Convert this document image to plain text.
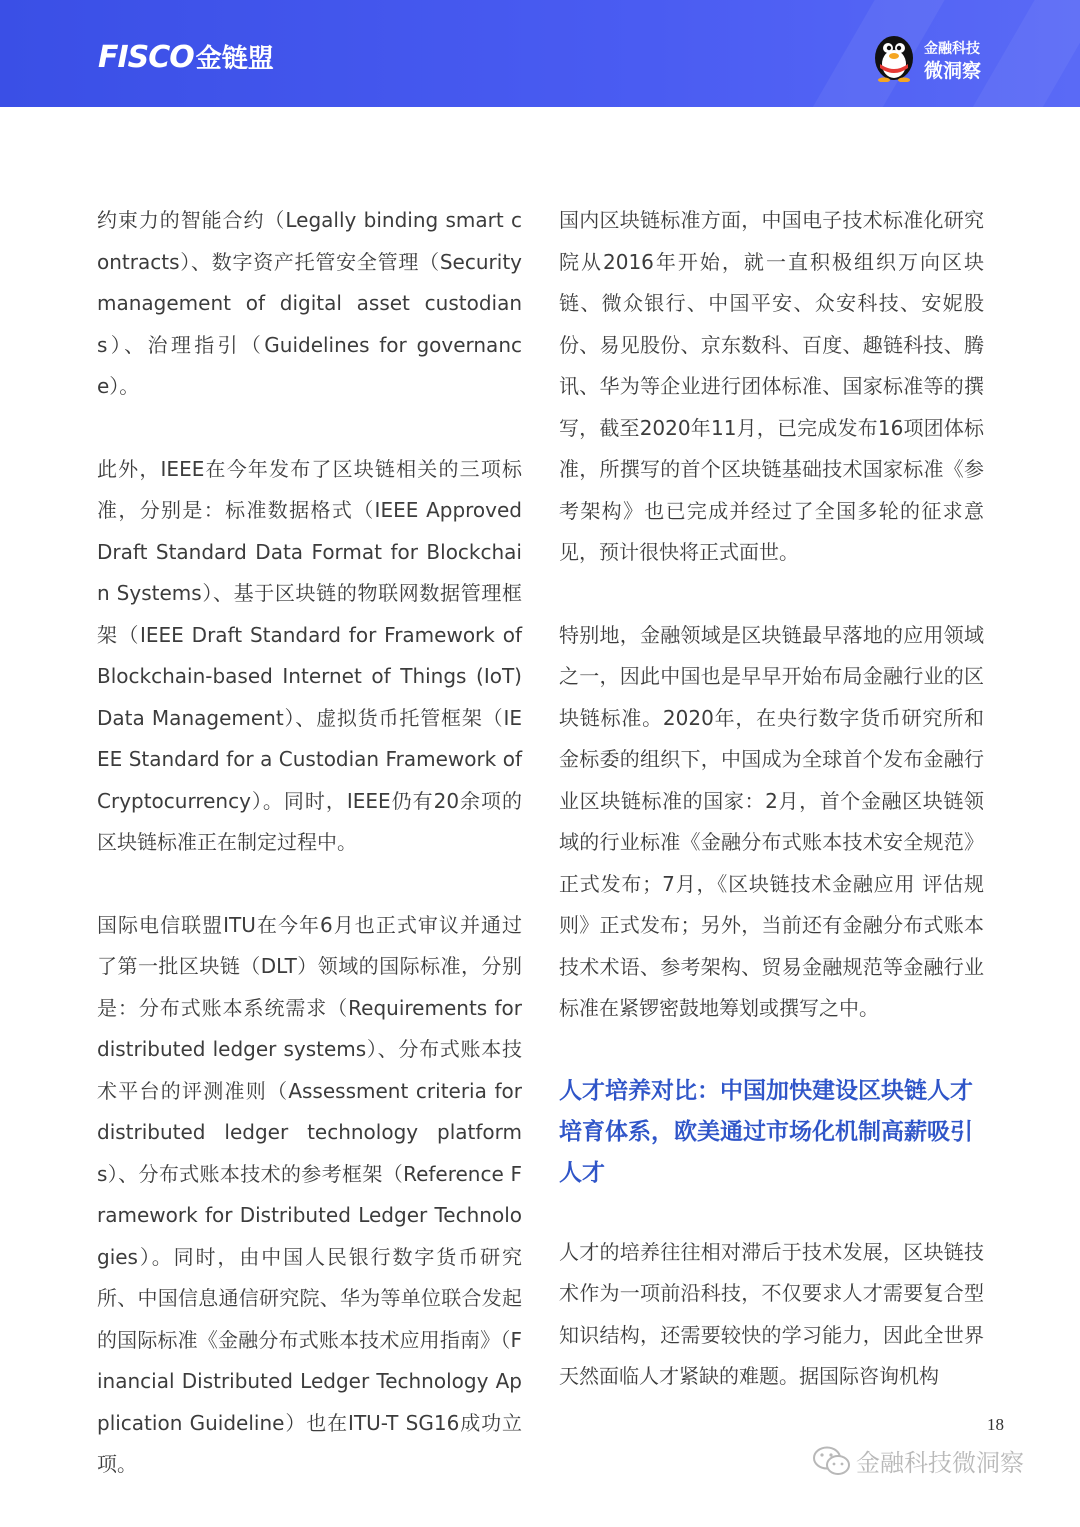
FISCO金链盟	金融科技
微洞察

约束力的智能合约（Legally binding smart contracts）、数字资产托管安全管理（Security management of digital asset custodians）、治理指引（Guidelines for governance）。

此外，IEEE在今年发布了区块链相关的三项标准，分别是：标准数据格式（IEEE Approved Draft Standard Data Format for Blockchain Systems）、基于区块链的物联网数据管理框架（IEEE Draft Standard for Framework of Blockchain-based Internet of Things (IoT) Data Management）、虚拟货币托管框架（IEEE Standard for a Custodian Framework of Cryptocurrency）。同时，IEEE仍有20余项的区块链标准正在制定过程中。

国际电信联盟ITU在今年6月也正式审议并通过了第一批区块链（DLT）领域的国际标准，分别是：分布式账本系统需求（Requirements for distributed ledger systems）、分布式账本技术平台的评测准则（Assessment criteria for distributed ledger technology platforms）、分布式账本技术的参考框架（Reference Framework for Distributed Ledger Technologies）。同时，由中国人民银行数字货币研究所、中国信息通信研究院、华为等单位联合发起的国际标准《金融分布式账本技术应用指南》（Financial Distributed Ledger Technology Application Guideline）也在ITU-T SG16成功立项。

国内区块链标准方面，中国电子技术标准化研究院从2016年开始，就一直积极组织万向区块链、微众银行、中国平安、众安科技、安妮股份、易见股份、京东数科、百度、趣链科技、腾讯、华为等企业进行团体标准、国家标准等的撰写，截至2020年11月，已完成发布16项团体标准，所撰写的首个区块链基础技术国家标准《参考架构》也已完成并经过了全国多轮的征求意见，预计很快将正式面世。

特别地，金融领域是区块链最早落地的应用领域之一，因此中国也是早早开始布局金融行业的区块链标准。2020年，在央行数字货币研究所和金标委的组织下，中国成为全球首个发布金融行业区块链标准的国家：2月，首个金融区块链领域的行业标准《金融分布式账本技术安全规范》正式发布；7月，《区块链技术金融应用 评估规则》正式发布；另外，当前还有金融分布式账本技术术语、参考架构、贸易金融规范等金融行业标准在紧锣密鼓地筹划或撰写之中。

人才培养对比：中国加快建设区块链人才培育体系，欧美通过市场化机制高薪吸引人才

人才的培养往往相对滞后于技术发展，区块链技术作为一项前沿科技，不仅要求人才需要复合型知识结构，还需要较快的学习能力，因此全世界天然面临人才紧缺的难题。据国际咨询机构

18
金融科技微洞察
